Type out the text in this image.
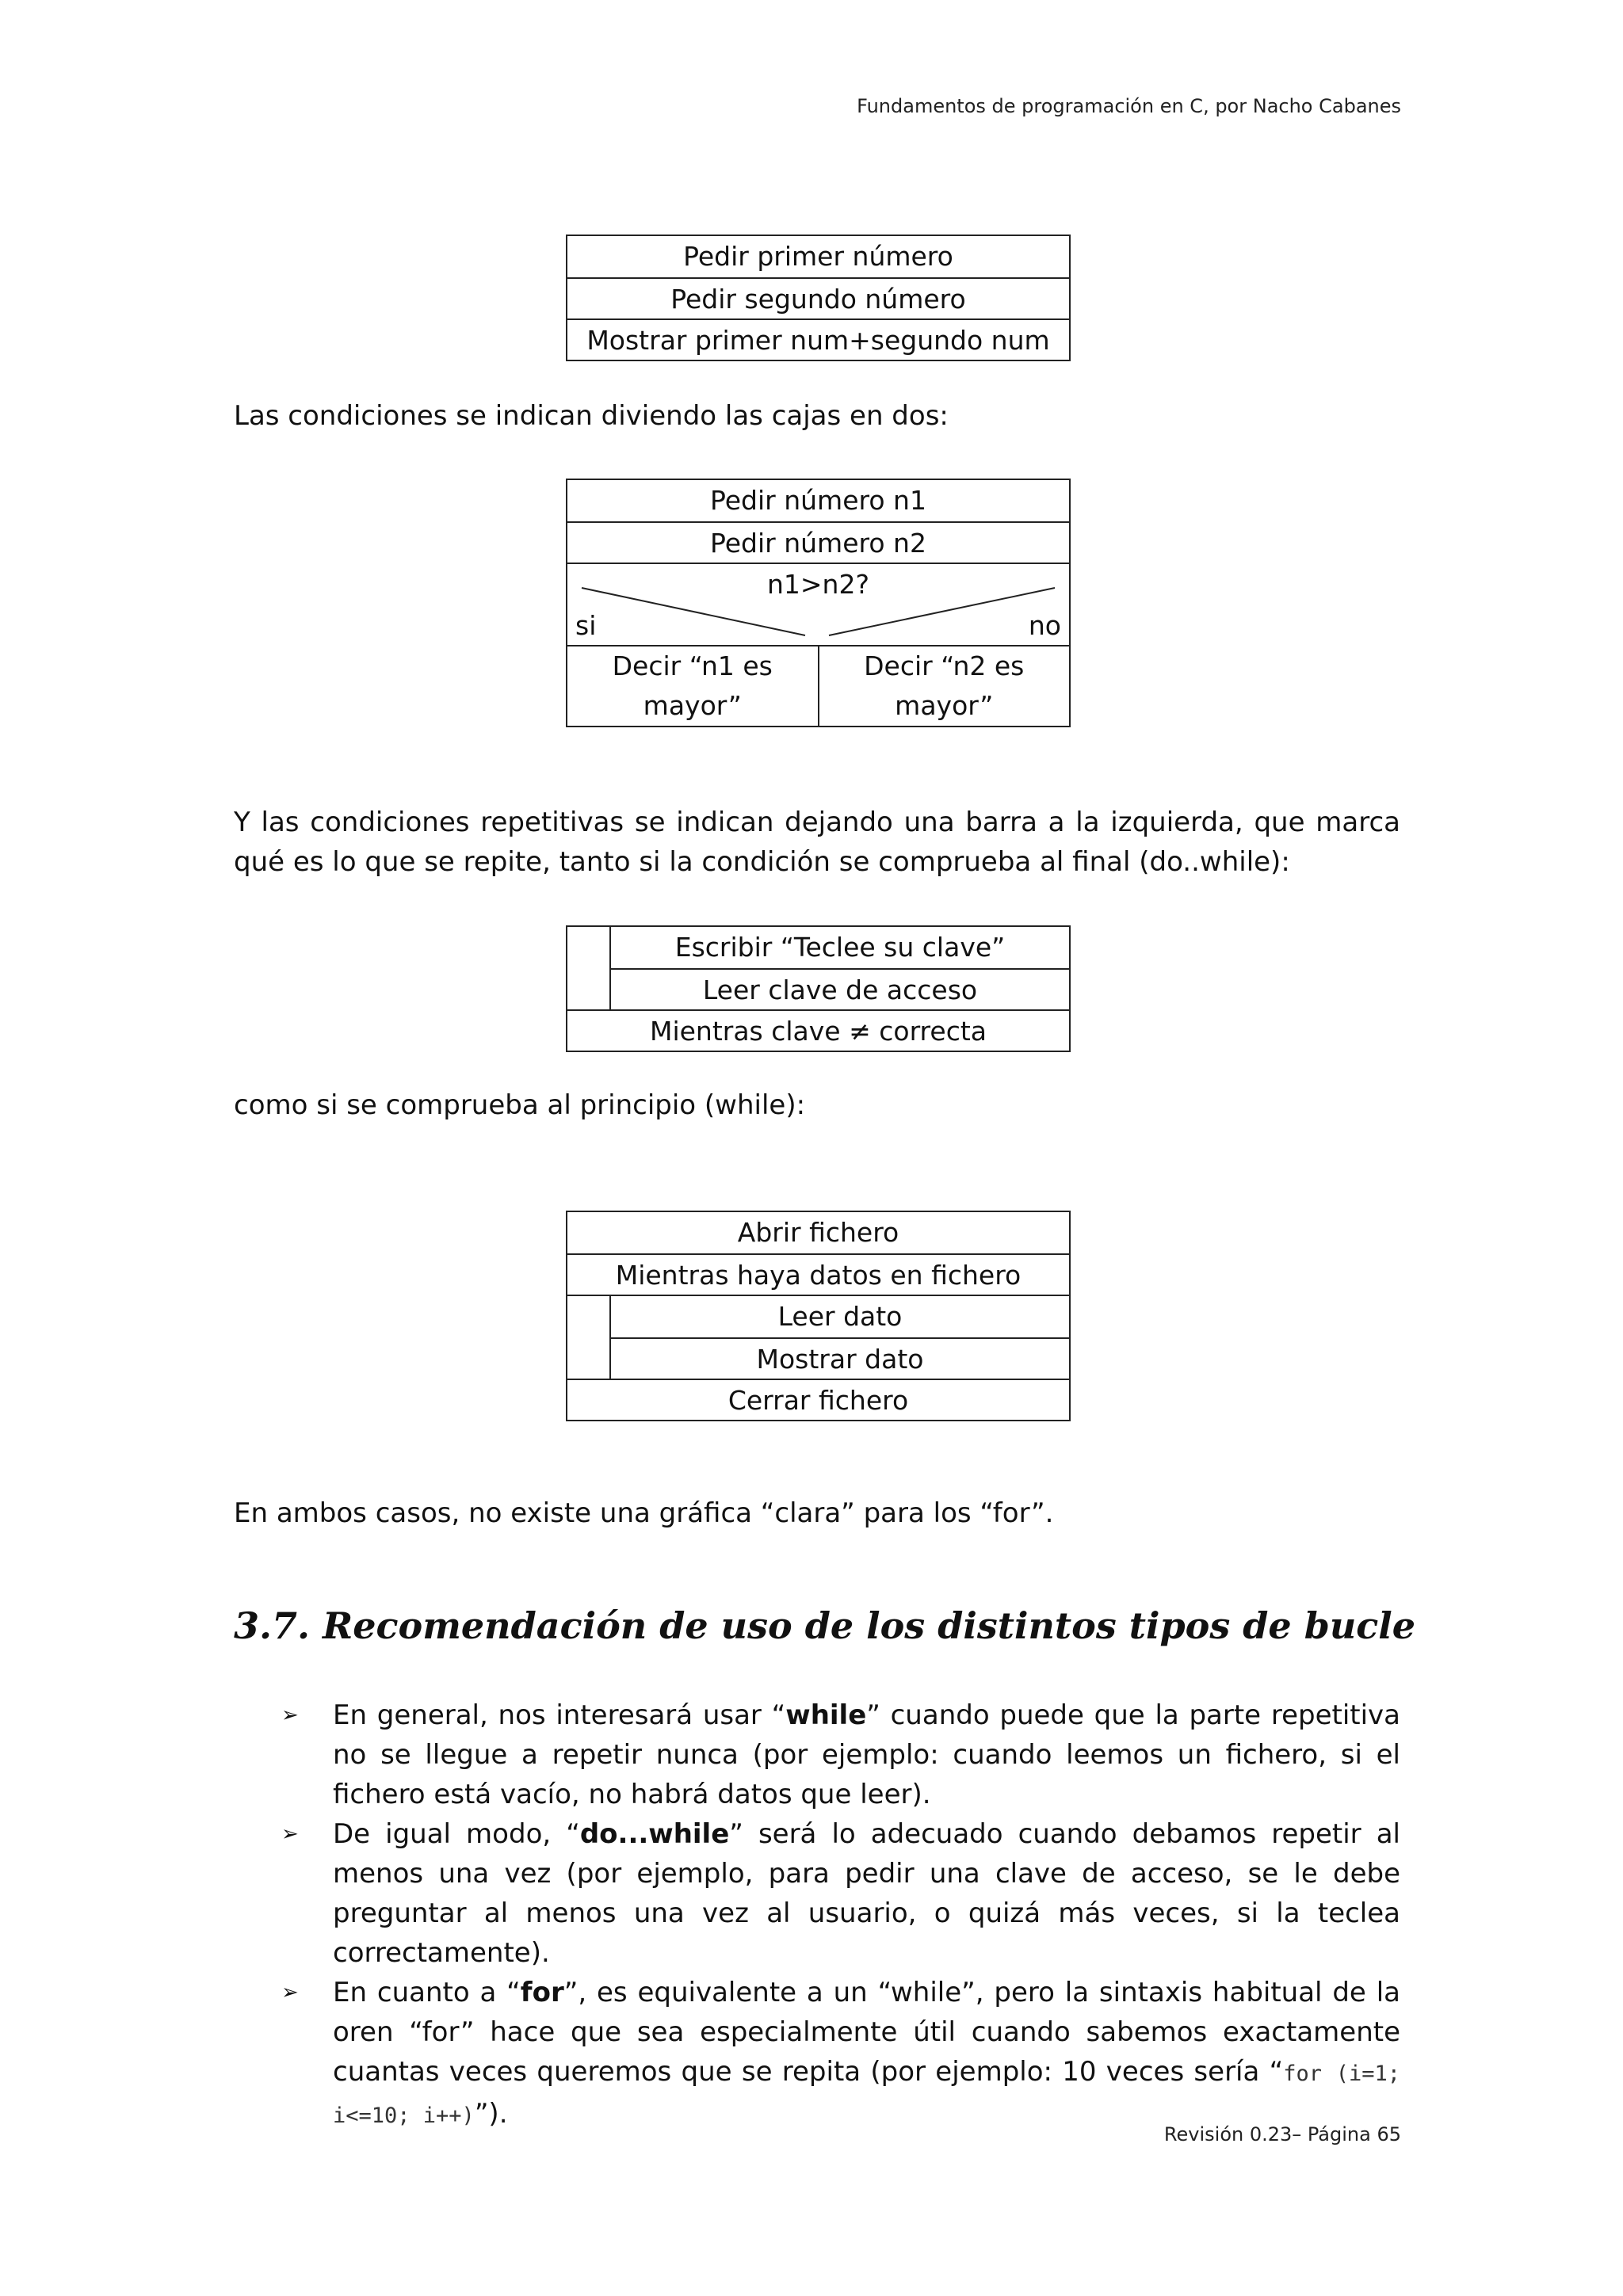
Fundamentos de programación en C, por Nacho Cabanes
Pedir primer número
Pedir segundo número
Mostrar primer num+segundo num
Las condiciones se indican diviendo las cajas en dos:
Pedir número n1
Pedir número n2
n1>n2?
si	no
Decir “n1 es mayor”
Decir “n2 es mayor”
Y las condiciones repetitivas se indican dejando una barra a la izquierda, que marca qué es lo que se repite, tanto si la condición se comprueba al final (do..while):
Escribir “Teclee su clave”
Leer clave de acceso
Mientras clave ≠ correcta
como si se comprueba al principio (while):
Abrir fichero
Mientras haya datos en fichero
Leer dato
Mostrar dato
Cerrar fichero
En ambos casos, no existe una gráfica “clara” para los “for”.
3.7. Recomendación de uso de los distintos tipos de bucle
➢	En general, nos interesará usar “while” cuando puede que la parte repetitiva no se llegue a repetir nunca (por ejemplo: cuando leemos un fichero, si el fichero está vacío, no habrá datos que leer).
➢	De igual modo, “do...while” será lo adecuado cuando debamos repetir al menos una vez (por ejemplo, para pedir una clave de acceso, se le debe preguntar al menos una vez al usuario, o quizá más veces, si la teclea correctamente).
➢	En cuanto a “for”, es equivalente a un “while”, pero la sintaxis habitual de la oren “for” hace que sea especialmente útil cuando sabemos exactamente cuantas veces queremos que se repita (por ejemplo: 10 veces sería “for (i=1; i<=10; i++)”).
Revisión 0.23– Página 65
